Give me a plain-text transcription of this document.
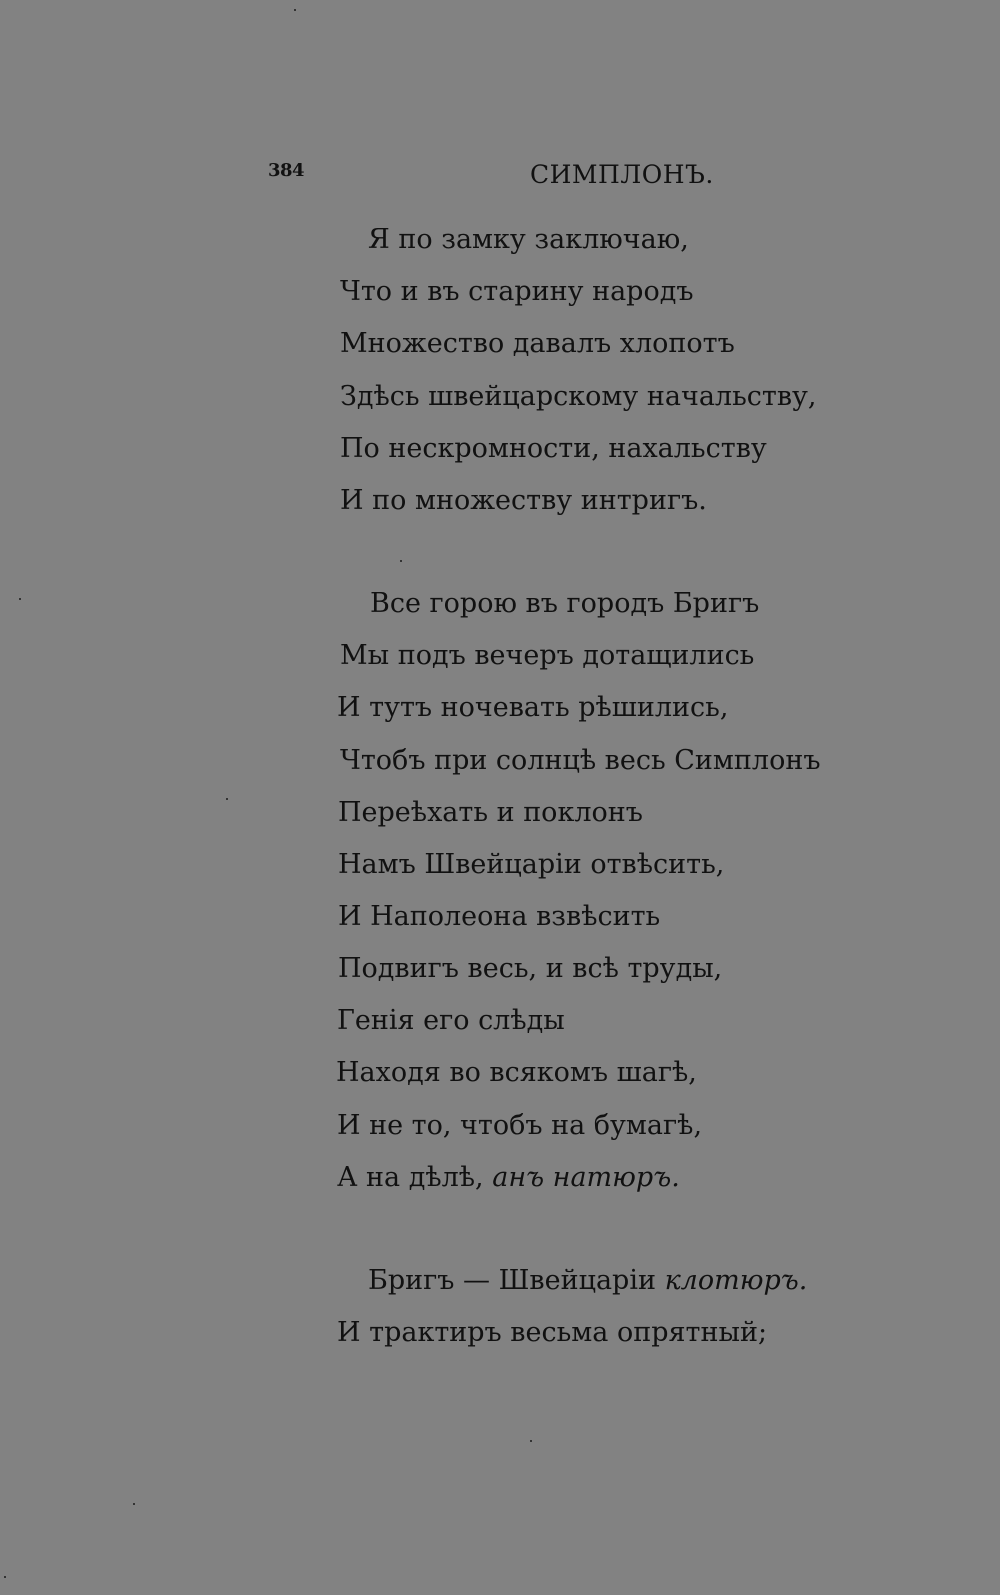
384	СИМПЛОНЪ.
Я по замку заключаю,
Что и въ старину народъ
Множество давалъ хлопотъ
Здѣсь швейцарскому начальству,
По нескромности, нахальству
И по множеству интригъ.
Все горою въ городъ Бригъ
Мы подъ вечеръ дотащились
И тутъ ночевать рѣшились,
Чтобъ при солнцѣ весь Симплонъ
Переѣхать и поклонъ
Намъ Швейцаріи отвѣсить,
И Наполеона взвѣсить
Подвигъ весь, и всѣ труды,
Генія его слѣды
Находя во всякомъ шагѣ,
И не то, чтобъ на бумагѣ,
А на дѣлѣ, анъ натюръ.
Бригъ — Швейцаріи клотюръ.
И трактиръ весьма опрятный;
